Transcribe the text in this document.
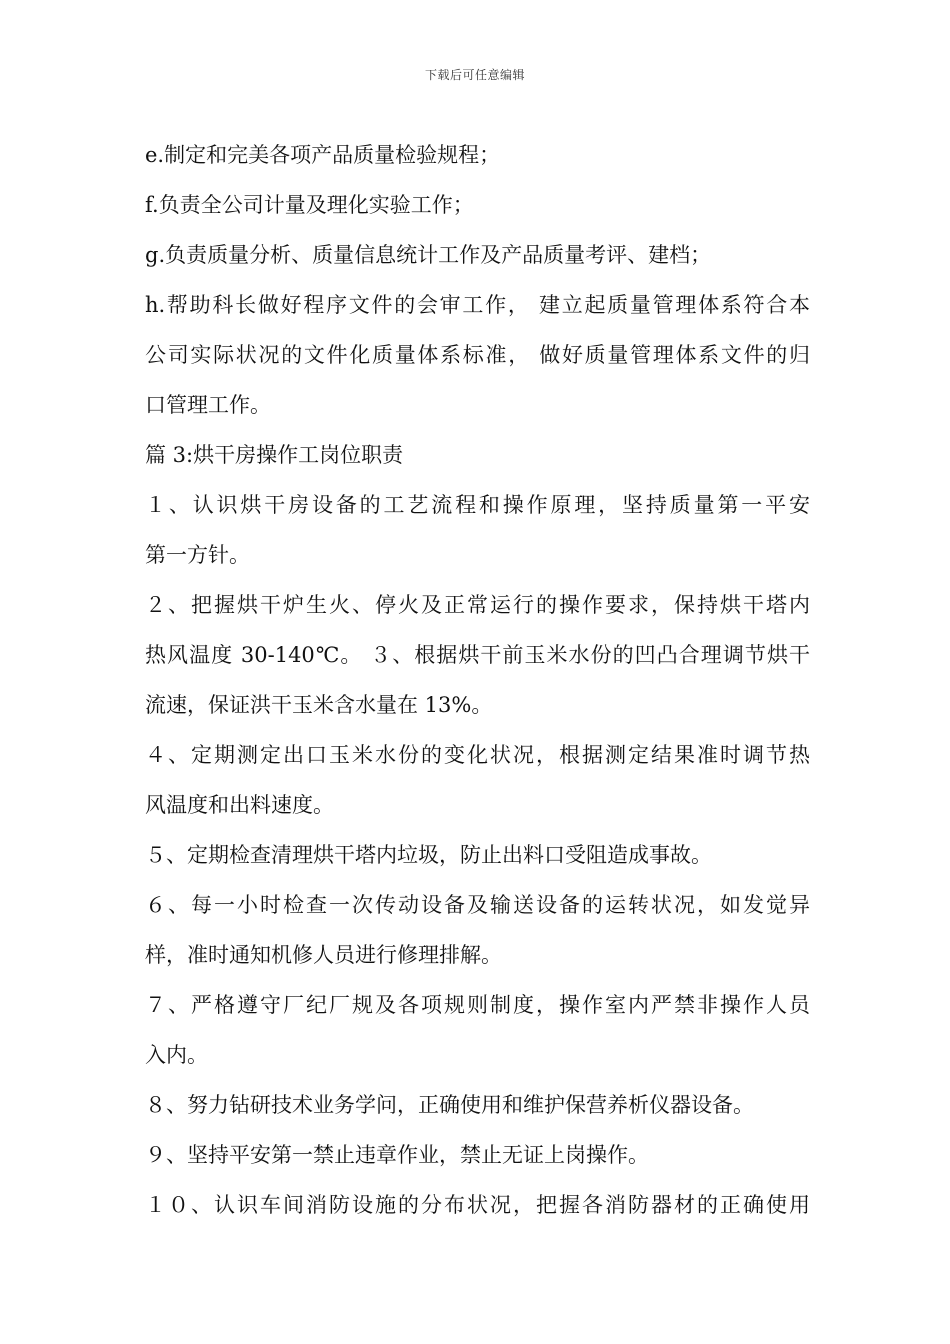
下载后可任意编辑
e.制定和完美各项产品质量检验规程；
f.负责全公司计量及理化实验工作；
g.负责质量分析、质量信息统计工作及产品质量考评、建档；
h.帮助科长做好程序文件的会审工作， 建立起质量管理体系符合本
公司实际状况的文件化质量体系标准， 做好质量管理体系文件的归
口管理工作。
篇 3:烘干房操作工岗位职责
１、认识烘干房设备的工艺流程和操作原理，坚持质量第一平安
第一方针。
２、把握烘干炉生火、停火及正常运行的操作要求，保持烘干塔内
热风温度 30-140℃。 ３、根据烘干前玉米水份的凹凸合理调节烘干
流速，保证洪干玉米含水量在 13%。
４、定期测定出口玉米水份的变化状况，根据测定结果准时调节热
风温度和出料速度。
５、定期检查清理烘干塔内垃圾，防止出料口受阻造成事故。
６、每一小时检查一次传动设备及输送设备的运转状况，如发觉异
样，准时通知机修人员进行修理排解。
７、严格遵守厂纪厂规及各项规则制度，操作室内严禁非操作人员
入内。
８、努力钻研技术业务学问，正确使用和维护保营养析仪器设备。
９、坚持平安第一禁止违章作业，禁止无证上岗操作。
１０、认识车间消防设施的分布状况，把握各消防器材的正确使用
